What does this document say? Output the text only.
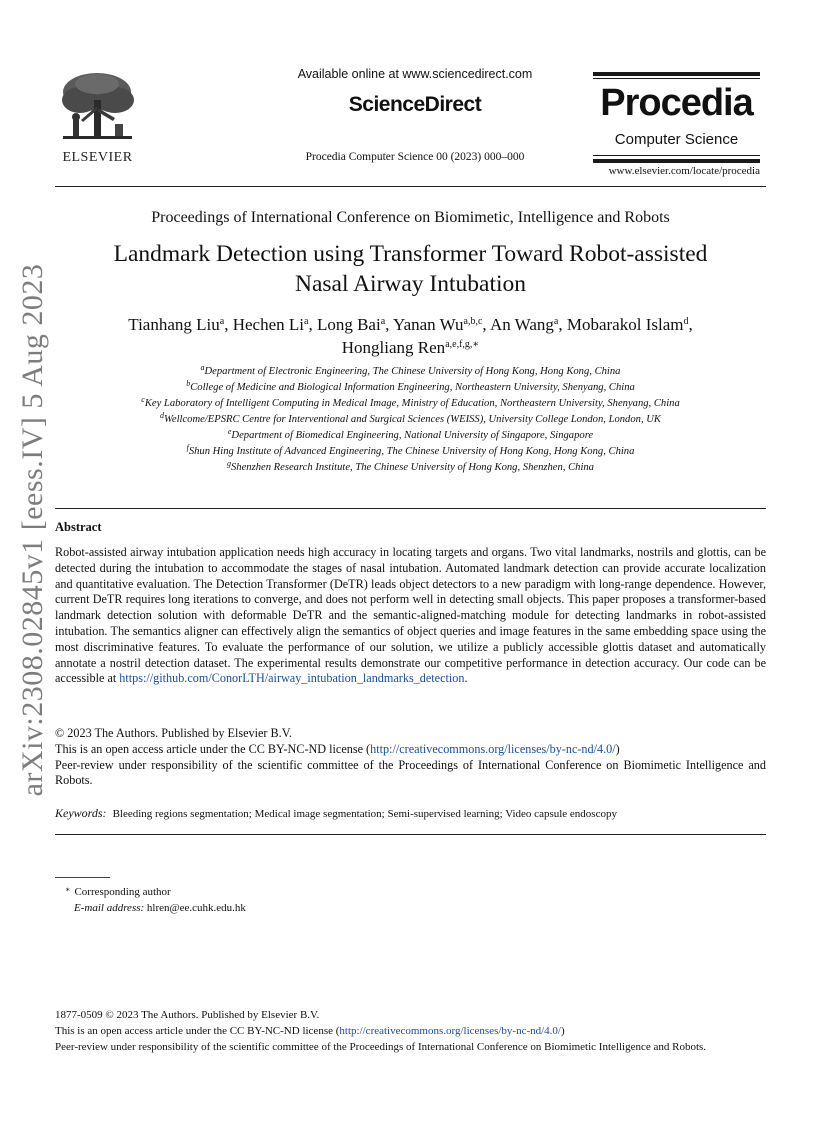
arXiv:2308.02845v1 [eess.IV] 5 Aug 2023
ELSEVIER
Available online at www.sciencedirect.com
ScienceDirect
Procedia Computer Science 00 (2023) 000–000
Procedia
Computer Science
www.elsevier.com/locate/procedia
Proceedings of International Conference on Biomimetic, Intelligence and Robots
Landmark Detection using Transformer Toward Robot-assisted
Nasal Airway Intubation
Tianhang Liu$^a$, Hechen Li$^a$, Long Bai$^a$, Yanan Wu$^{a,b,c}$, An Wang$^a$, Mobarakol Islam$^d$,
Hongliang Ren$^{a,e,f,g,∗}$
$^a$Department of Electronic Engineering, The Chinese University of Hong Kong, Hong Kong, China
$^b$College of Medicine and Biological Information Engineering, Northeastern University, Shenyang, China
$^c$Key Laboratory of Intelligent Computing in Medical Image, Ministry of Education, Northeastern University, Shenyang, China
$^d$Wellcome/EPSRC Centre for Interventional and Surgical Sciences (WEISS), University College London, London, UK
$^e$Department of Biomedical Engineering, National University of Singapore, Singapore
$^f$Shun Hing Institute of Advanced Engineering, The Chinese University of Hong Kong, Hong Kong, China
$^g$Shenzhen Research Institute, The Chinese University of Hong Kong, Shenzhen, China
Abstract
Robot-assisted airway intubation application needs high accuracy in locating targets and organs. Two vital landmarks, nostrils and glottis, can be detected during the intubation to accommodate the stages of nasal intubation. Automated landmark detection can provide accurate localization and quantitative evaluation. The Detection Transformer (DeTR) leads object detectors to a new paradigm with long-range dependence. However, current DeTR requires long iterations to converge, and does not perform well in detecting small objects. This paper proposes a transformer-based landmark detection solution with deformable DeTR and the semantic-aligned-matching module for detecting landmarks in robot-assisted intubation. The semantics aligner can effectively align the semantics of object queries and image features in the same embedding space using the most discriminative features. To evaluate the performance of our solution, we utilize a publicly accessible glottis dataset and automatically annotate a nostril detection dataset. The experimental results demonstrate our competitive performance in detection accuracy. Our code can be accessible at https://github.com/ConorLTH/airway_intubation_landmarks_detection.
© 2023 The Authors. Published by Elsevier B.V.
This is an open access article under the CC BY-NC-ND license (http://creativecommons.org/licenses/by-nc-nd/4.0/)
Peer-review under responsibility of the scientific committee of the Proceedings of International Conference on Biomimetic Intelligence and Robots.
Keywords: Bleeding regions segmentation; Medical image segmentation; Semi-supervised learning; Video capsule endoscopy
∗ Corresponding author
E-mail address: hlren@ee.cuhk.edu.hk
1877-0509 © 2023 The Authors. Published by Elsevier B.V.
This is an open access article under the CC BY-NC-ND license (http://creativecommons.org/licenses/by-nc-nd/4.0/)
Peer-review under responsibility of the scientific committee of the Proceedings of International Conference on Biomimetic Intelligence and Robots.
